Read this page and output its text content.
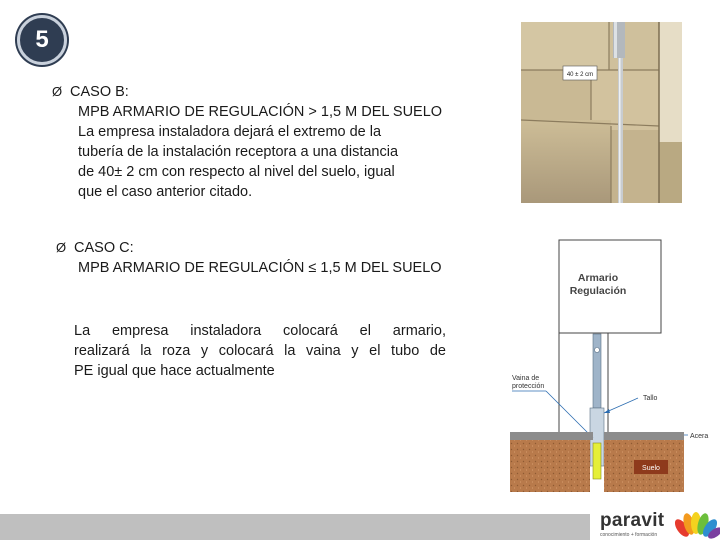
5
Ø CASO B:
MPB ARMARIO DE REGULACIÓN > 1,5 M DEL SUELO
La empresa instaladora dejará el extremo de la
tubería de la instalación receptora a una distancia
de 40± 2 cm con respecto al nivel del suelo, igual
que el caso anterior citado.
Ø CASO C:
MPB ARMARIO DE REGULACIÓN ≤ 1,5 M DEL SUELO
La empresa instaladora colocará el armario,
realizará la roza y colocará la vaina y el tubo de
PE igual que hace actualmente
40 ± 2 cm
Armario
Regulación
Vaina de
protección
Tallo
Acera
Suelo
paravit
conocimiento + formación
